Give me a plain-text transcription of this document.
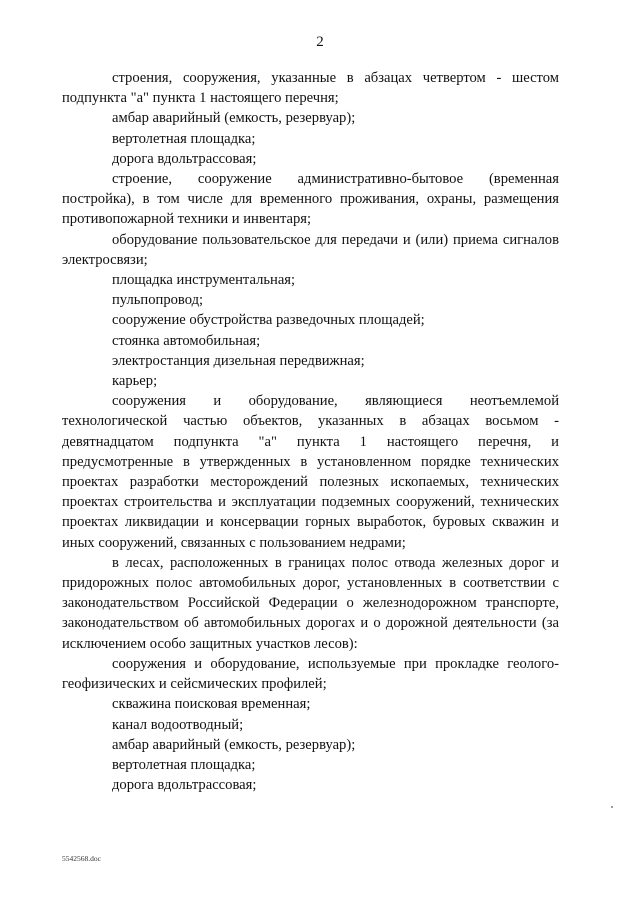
2

строения, сооружения, указанные в абзацах четвертом - шестом подпункта "а" пункта 1 настоящего перечня;

амбар аварийный (емкость, резервуар);

вертолетная площадка;

дорога вдольтрассовая;

строение, сооружение административно-бытовое (временная постройка), в том числе для временного проживания, охраны, размещения противопожарной техники и инвентаря;

оборудование пользовательское для передачи и (или) приема сигналов электросвязи;

площадка инструментальная;

пульпопровод;

сооружение обустройства разведочных площадей;

стоянка автомобильная;

электростанция дизельная передвижная;

карьер;

сооружения и оборудование, являющиеся неотъемлемой технологической частью объектов, указанных в абзацах восьмом - девятнадцатом подпункта "а" пункта 1 настоящего перечня, и предусмотренные в утвержденных в установленном порядке технических проектах разработки месторождений полезных ископаемых, технических проектах строительства и эксплуатации подземных сооружений, технических проектах ликвидации и консервации горных выработок, буровых скважин и иных сооружений, связанных с пользованием недрами;

в лесах, расположенных в границах полос отвода железных дорог и придорожных полос автомобильных дорог, установленных в соответствии с законодательством Российской Федерации о железнодорожном транспорте, законодательством об автомобильных дорогах и о дорожной деятельности (за исключением особо защитных участков лесов):

сооружения и оборудование, используемые при прокладке геолого-геофизических и сейсмических профилей;

скважина поисковая временная;

канал водоотводный;

амбар аварийный (емкость, резервуар);

вертолетная площадка;

дорога вдольтрассовая;

5542568.doc
